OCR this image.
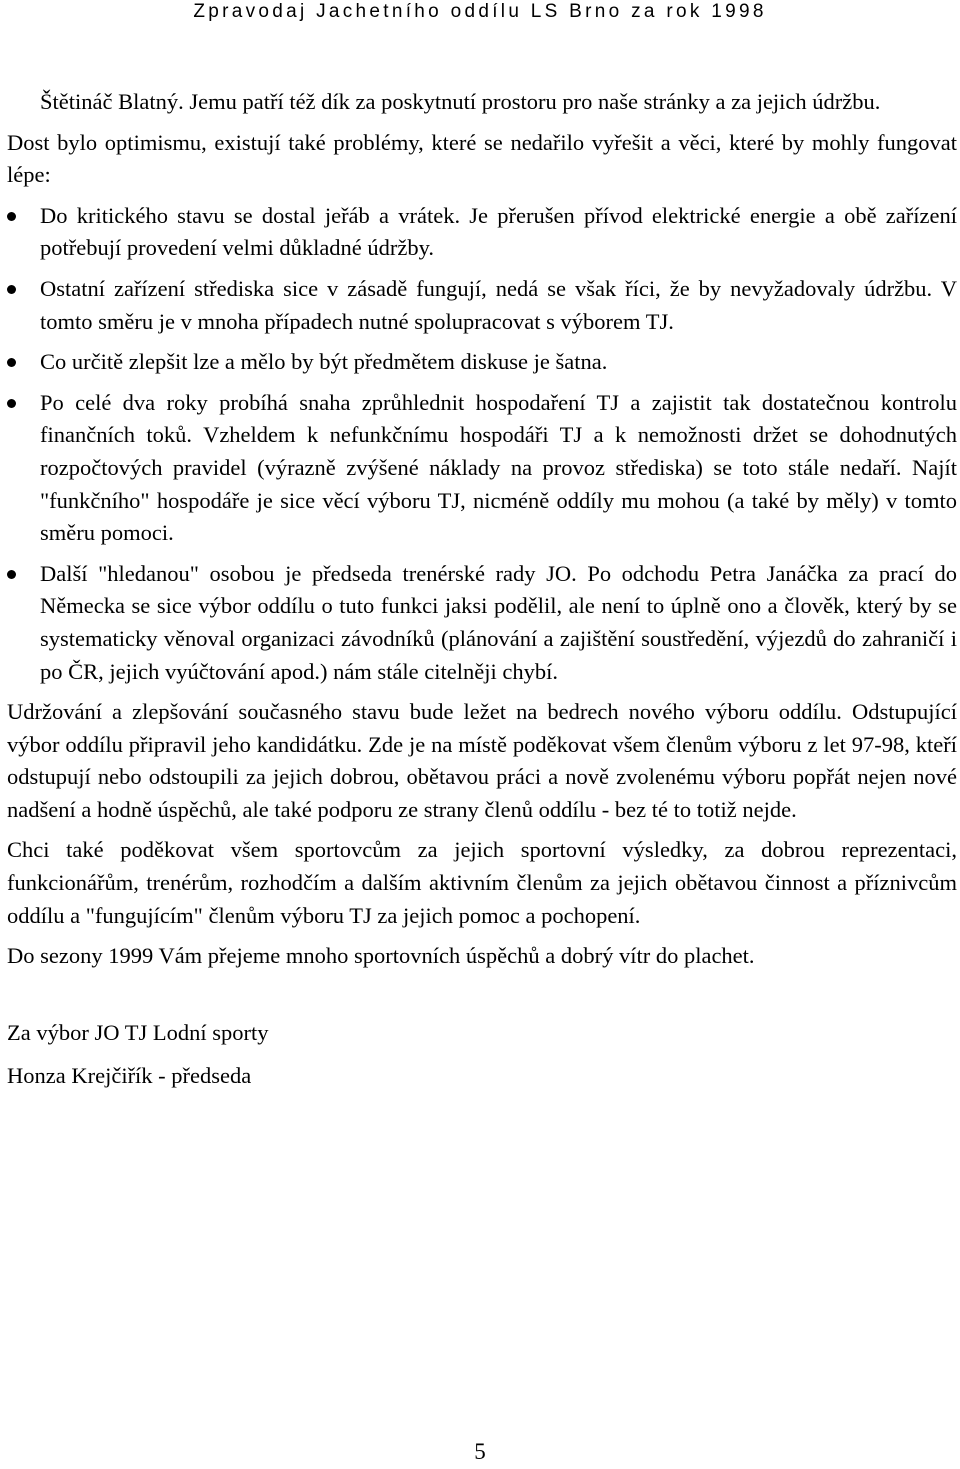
Zpravodaj Jachetního oddílu LS Brno za rok 1998

Štětináč Blatný. Jemu patří též dík za poskytnutí prostoru pro naše stránky a za jejich údržbu.

Dost bylo optimismu, existují také problémy, které se nedařilo vyřešit a věci, které by mohly fungovat lépe:

Do kritického stavu se dostal jeřáb a vrátek. Je přerušen přívod elektrické energie a obě zařízení potřebují provedení velmi důkladné údržby.
Ostatní zařízení střediska sice v zásadě fungují, nedá se však říci, že by nevyžadovaly údržbu. V tomto směru je v mnoha případech nutné spolupracovat s výborem TJ.
Co určitě zlepšit lze a mělo by být předmětem diskuse je šatna.
Po celé dva roky probíhá snaha zprůhlednit hospodaření TJ a zajistit tak dostatečnou kontrolu finančních toků. Vzheldem k nefunkčnímu hospodáři TJ a k nemožnosti držet se dohodnutých rozpočtových pravidel (výrazně zvýšené náklady na provoz střediska) se toto stále nedaří. Najít "funkčního" hospodáře je sice věcí výboru TJ, nicméně oddíly mu mohou (a také by měly) v tomto směru pomoci.
Další "hledanou" osobou je předseda trenérské rady JO. Po odchodu Petra Janáčka za prací do Německa se sice výbor oddílu o tuto funkci jaksi podělil, ale není to úplně ono a člověk, který by se systematicky věnoval organizaci závodníků (plánování a zajištění soustředění, výjezdů do zahraničí i po ČR, jejich vyúčtování apod.) nám stále citelněji chybí.

Udržování a zlepšování současného stavu bude ležet na bedrech nového výboru oddílu. Odstupující výbor oddílu připravil jeho kandidátku. Zde je na místě poděkovat všem členům výboru z let 97-98, kteří odstupují nebo odstoupili za jejich dobrou, obětavou práci a nově zvolenému výboru popřát nejen nové nadšení a hodně úspěchů, ale také podporu ze strany členů oddílu - bez té to totiž nejde.

Chci také poděkovat všem sportovcům za jejich sportovní výsledky, za dobrou reprezentaci, funkcionářům, trenérům, rozhodčím a dalším aktivním členům za jejich obětavou činnost a příznivcům oddílu a "fungujícím" členům výboru TJ za jejich pomoc a pochopení.

Do sezony 1999 Vám přejeme mnoho sportovních úspěchů a dobrý vítr do plachet.

Za výbor JO TJ Lodní sporty

Honza Krejčiřík - předseda

5
